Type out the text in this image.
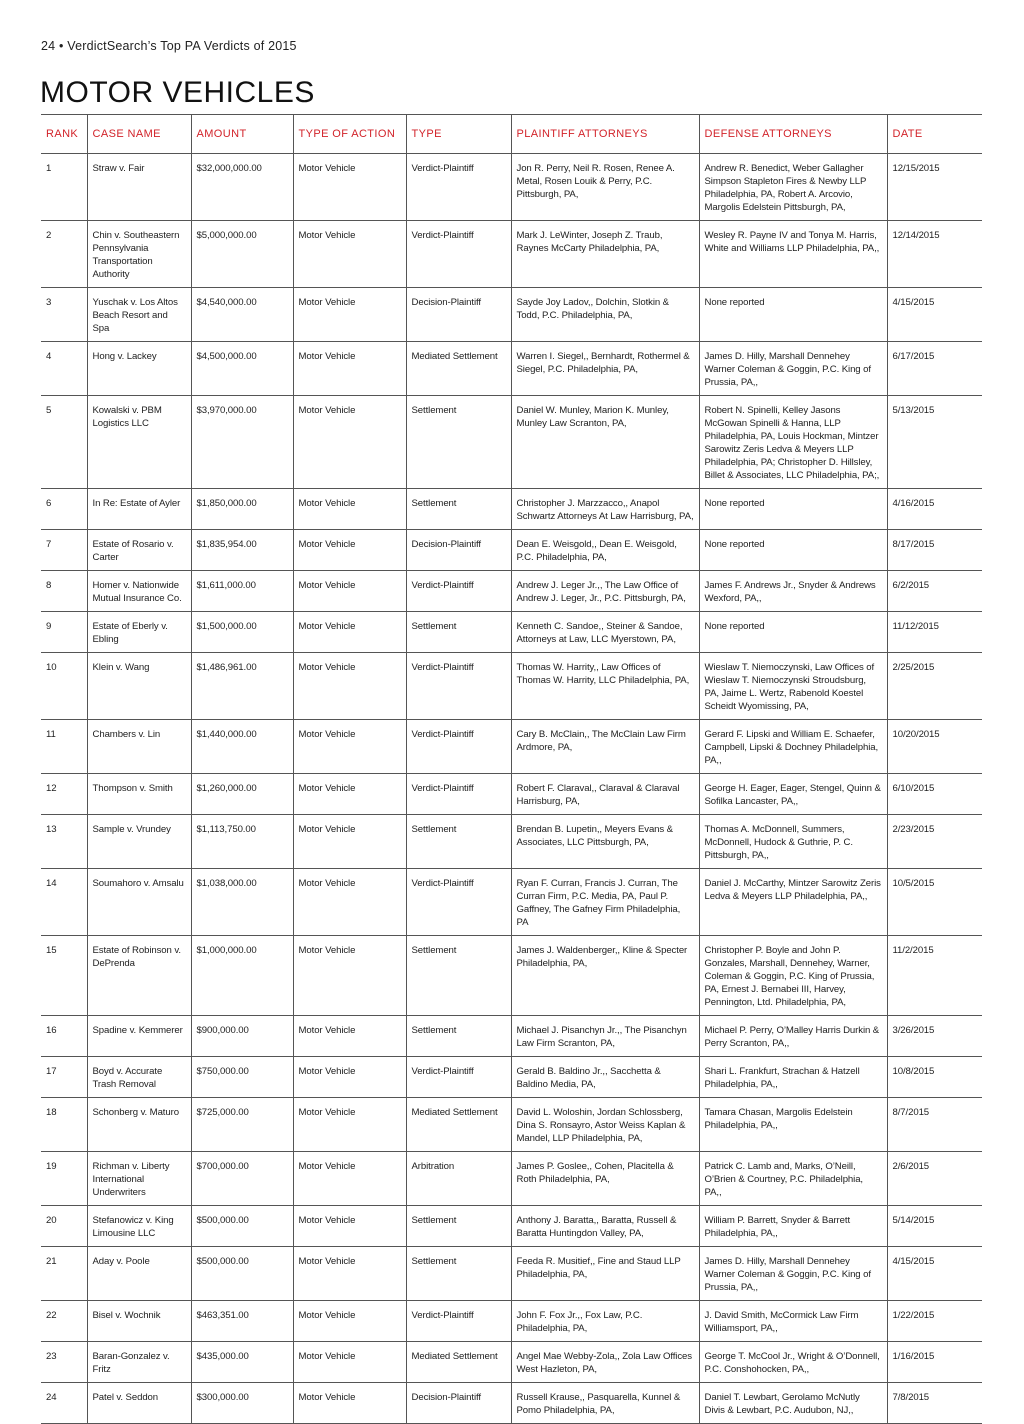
24 • VerdictSearch’s Top PA Verdicts of 2015
MOTOR VEHICLES
RANK	CASE NAME	AMOUNT	TYPE OF ACTION	TYPE	PLAINTIFF ATTORNEYS	DEFENSE ATTORNEYS	DATE
1	Straw v. Fair	$32,000,000.00	Motor Vehicle	Verdict-Plaintiff	Jon R. Perry, Neil R. Rosen, Renee A. Metal, Rosen Louik & Perry, P.C. Pittsburgh, PA,	Andrew R. Benedict, Weber Gallagher Simpson Stapleton Fires & Newby LLP Philadelphia, PA, Robert A. Arcovio, Margolis Edelstein Pittsburgh, PA,	12/15/2015
2	Chin v. Southeastern Pennsylvania Transportation Authority	$5,000,000.00	Motor Vehicle	Verdict-Plaintiff	Mark J. LeWinter, Joseph Z. Traub, Raynes McCarty Philadelphia, PA,	Wesley R. Payne IV and Tonya M. Harris, White and Williams LLP Philadelphia, PA,,	12/14/2015
3	Yuschak v. Los Altos Beach Resort and Spa	$4,540,000.00	Motor Vehicle	Decision-Plaintiff	Sayde Joy Ladov,, Dolchin, Slotkin & Todd, P.C. Philadelphia, PA,	None reported	4/15/2015
4	Hong v. Lackey	$4,500,000.00	Motor Vehicle	Mediated Settlement	Warren I. Siegel,, Bernhardt, Rothermel & Siegel, P.C. Philadelphia, PA,	James D. Hilly, Marshall Dennehey Warner Coleman & Goggin, P.C. King of Prussia, PA,,	6/17/2015
5	Kowalski v. PBM Logistics LLC	$3,970,000.00	Motor Vehicle	Settlement	Daniel W. Munley, Marion K. Munley, Munley Law Scranton, PA,	Robert N. Spinelli, Kelley Jasons McGowan Spinelli & Hanna, LLP Philadelphia, PA, Louis Hockman, Mintzer Sarowitz Zeris Ledva & Meyers LLP Philadelphia, PA; Christopher D. Hillsley, Billet & Associates, LLC Philadelphia, PA;,	5/13/2015
6	In Re: Estate of Ayler	$1,850,000.00	Motor Vehicle	Settlement	Christopher J. Marzzacco,, Anapol Schwartz Attorneys At Law Harrisburg, PA,	None reported	4/16/2015
7	Estate of Rosario v. Carter	$1,835,954.00	Motor Vehicle	Decision-Plaintiff	Dean E. Weisgold,, Dean E. Weisgold, P.C. Philadelphia, PA,	None reported	8/17/2015
8	Homer v. Nationwide Mutual Insurance Co.	$1,611,000.00	Motor Vehicle	Verdict-Plaintiff	Andrew J. Leger Jr.,, The Law Office of Andrew J. Leger, Jr., P.C. Pittsburgh, PA,	James F. Andrews Jr., Snyder & Andrews Wexford, PA,,	6/2/2015
9	Estate of Eberly v. Ebling	$1,500,000.00	Motor Vehicle	Settlement	Kenneth C. Sandoe,, Steiner & Sandoe, Attorneys at Law, LLC Myerstown, PA,	None reported	11/12/2015
10	Klein v. Wang	$1,486,961.00	Motor Vehicle	Verdict-Plaintiff	Thomas W. Harrity,, Law Offices of Thomas W. Harrity, LLC Philadelphia, PA,	Wieslaw T. Niemoczynski, Law Offices of Wieslaw T. Niemoczynski Stroudsburg, PA, Jaime L. Wertz, Rabenold Koestel Scheidt Wyomissing, PA,	2/25/2015
11	Chambers v. Lin	$1,440,000.00	Motor Vehicle	Verdict-Plaintiff	Cary B. McClain,, The McClain Law Firm Ardmore, PA,	Gerard F. Lipski and William E. Schaefer, Campbell, Lipski & Dochney Philadelphia, PA,,	10/20/2015
12	Thompson v. Smith	$1,260,000.00	Motor Vehicle	Verdict-Plaintiff	Robert F. Claraval,, Claraval & Claraval Harrisburg, PA,	George H. Eager, Eager, Stengel, Quinn & Sofilka Lancaster, PA,,	6/10/2015
13	Sample v. Vrundey	$1,113,750.00	Motor Vehicle	Settlement	Brendan B. Lupetin,, Meyers Evans & Associates, LLC Pittsburgh, PA,	Thomas A. McDonnell, Summers, McDonnell, Hudock & Guthrie, P. C. Pittsburgh, PA,,	2/23/2015
14	Soumahoro v. Amsalu	$1,038,000.00	Motor Vehicle	Verdict-Plaintiff	Ryan F. Curran, Francis J. Curran, The Curran Firm, P.C. Media, PA, Paul P. Gaffney, The Gafney Firm Philadelphia, PA	Daniel J. McCarthy, Mintzer Sarowitz Zeris Ledva & Meyers LLP Philadelphia, PA,,	10/5/2015
15	Estate of Robinson v. DePrenda	$1,000,000.00	Motor Vehicle	Settlement	James J. Waldenberger,, Kline & Specter Philadelphia, PA,	Christopher P. Boyle and John P. Gonzales, Marshall, Dennehey, Warner, Coleman & Goggin, P.C. King of Prussia, PA, Ernest J. Bernabei III, Harvey, Pennington, Ltd. Philadelphia, PA,	11/2/2015
16	Spadine v. Kemmerer	$900,000.00	Motor Vehicle	Settlement	Michael J. Pisanchyn Jr.,, The Pisanchyn Law Firm Scranton, PA,	Michael P. Perry, O’Malley Harris Durkin & Perry Scranton, PA,,	3/26/2015
17	Boyd v. Accurate Trash Removal	$750,000.00	Motor Vehicle	Verdict-Plaintiff	Gerald B. Baldino Jr.,, Sacchetta & Baldino Media, PA,	Shari L. Frankfurt, Strachan & Hatzell Philadelphia, PA,,	10/8/2015
18	Schonberg v. Maturo	$725,000.00	Motor Vehicle	Mediated Settlement	David L. Woloshin, Jordan Schlossberg, Dina S. Ronsayro, Astor Weiss Kaplan & Mandel, LLP Philadelphia, PA,	Tamara Chasan, Margolis Edelstein Philadelphia, PA,,	8/7/2015
19	Richman v. Liberty International Underwriters	$700,000.00	Motor Vehicle	Arbitration	James P. Goslee,, Cohen, Placitella & Roth Philadelphia, PA,	Patrick C. Lamb and, Marks, O’Neill, O’Brien & Courtney, P.C. Philadelphia, PA,,	2/6/2015
20	Stefanowicz v. King Limousine LLC	$500,000.00	Motor Vehicle	Settlement	Anthony J. Baratta,, Baratta, Russell & Baratta Huntingdon Valley, PA,	William P. Barrett, Snyder & Barrett Philadelphia, PA,,	5/14/2015
21	Aday v. Poole	$500,000.00	Motor Vehicle	Settlement	Feeda R. Musitief,, Fine and Staud LLP Philadelphia, PA,	James D. Hilly, Marshall Dennehey Warner Coleman & Goggin, P.C. King of Prussia, PA,,	4/15/2015
22	Bisel v. Wochnik	$463,351.00	Motor Vehicle	Verdict-Plaintiff	John F. Fox Jr.,, Fox Law, P.C. Philadelphia, PA,	J. David Smith, McCormick Law Firm Williamsport, PA,,	1/22/2015
23	Baran-Gonzalez v. Fritz	$435,000.00	Motor Vehicle	Mediated Settlement	Angel Mae Webby-Zola,, Zola Law Offices West Hazleton, PA,	George T. McCool Jr., Wright & O’Donnell, P.C. Conshohocken, PA,,	1/16/2015
24	Patel v. Seddon	$300,000.00	Motor Vehicle	Decision-Plaintiff	Russell Krause,, Pasquarella, Kunnel & Pomo Philadelphia, PA,	Daniel T. Lewbart, Gerolamo McNutly Divis & Lewbart, P.C. Audubon, NJ,,	7/8/2015
